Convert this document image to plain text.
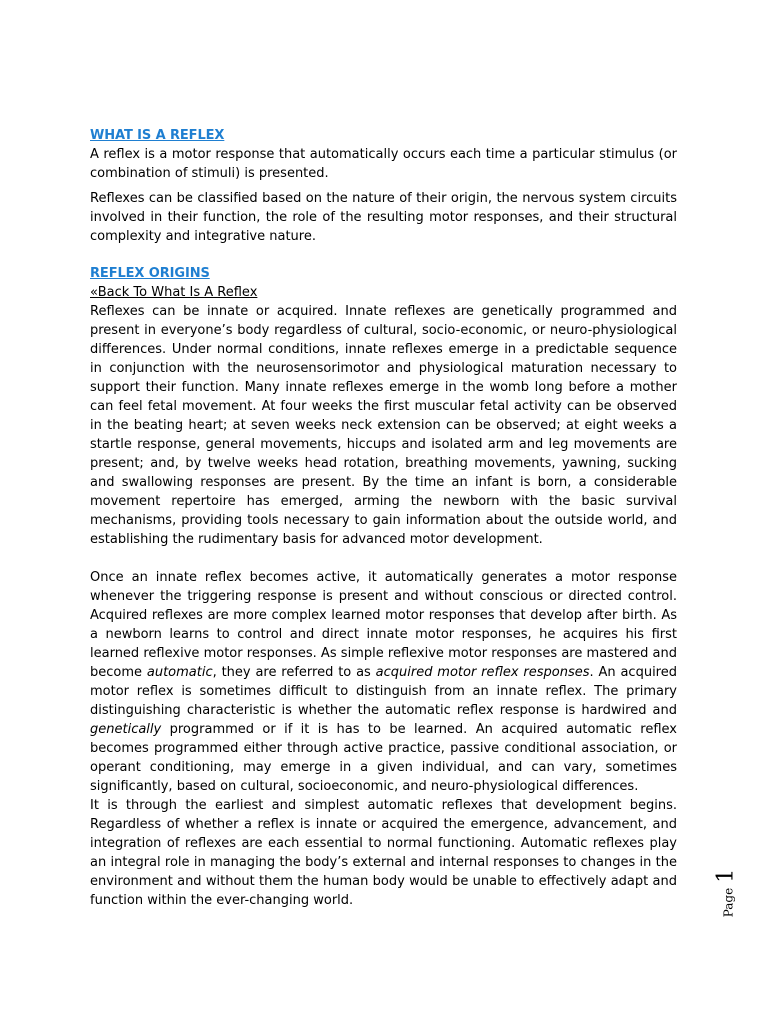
WHAT IS A REFLEX

A reflex is a motor response that automatically occurs each time a particular stimulus (or combination of stimuli) is presented.

Reflexes can be classified based on the nature of their origin, the nervous system circuits involved in their function, the role of the resulting motor responses, and their structural complexity and integrative nature.

REFLEX ORIGINS
«Back To What Is A Reflex

Reflexes can be innate or acquired. Innate reflexes are genetically programmed and present in everyone’s body regardless of cultural, socio-economic, or neuro-physiological differences. Under normal conditions, innate reflexes emerge in a predictable sequence in conjunction with the neurosensorimotor and physiological maturation necessary to support their function. Many innate reflexes emerge in the womb long before a mother can feel fetal movement. At four weeks the first muscular fetal activity can be observed in the beating heart; at seven weeks neck extension can be observed; at eight weeks a startle response, general movements, hiccups and isolated arm and leg movements are present; and, by twelve weeks head rotation, breathing movements, yawning, sucking and swallowing responses are present. By the time an infant is born, a considerable movement repertoire has emerged, arming the newborn with the basic survival mechanisms, providing tools necessary to gain information about the outside world, and establishing the rudimentary basis for advanced motor development.

Once an innate reflex becomes active, it automatically generates a motor response whenever the triggering response is present and without conscious or directed control. Acquired reflexes are more complex learned motor responses that develop after birth. As a newborn learns to control and direct innate motor responses, he acquires his first learned reflexive motor responses. As simple reflexive motor responses are mastered and become automatic, they are referred to as acquired motor reflex responses. An acquired motor reflex is sometimes difficult to distinguish from an innate reflex. The primary distinguishing characteristic is whether the automatic reflex response is hardwired and genetically programmed or if it is has to be learned. An acquired automatic reflex becomes programmed either through active practice, passive conditional association, or operant conditioning, may emerge in a given individual, and can vary, sometimes significantly, based on cultural, socioeconomic, and neuro-physiological differences.

It is through the earliest and simplest automatic reflexes that development begins. Regardless of whether a reflex is innate or acquired the emergence, advancement, and integration of reflexes are each essential to normal functioning. Automatic reflexes play an integral role in managing the body’s external and internal responses to changes in the environment and without them the human body would be unable to effectively adapt and function within the ever-changing world.	Page 1
